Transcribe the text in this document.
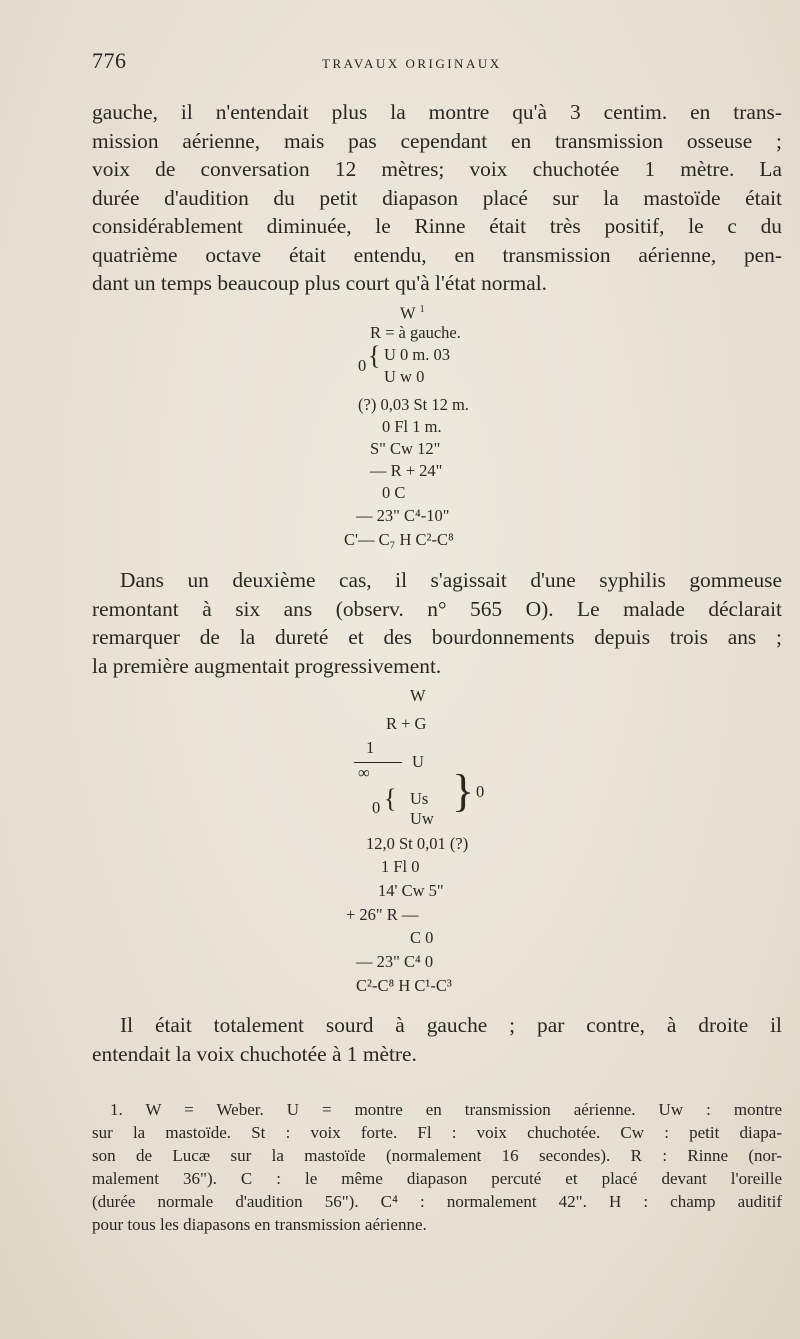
776	TRAVAUX ORIGINAUX
gauche, il n'entendait plus la montre qu'à 3 centim. en trans-
mission aérienne, mais pas cependant en transmission osseuse ;
voix de conversation 12 mètres; voix chuchotée 1 mètre. La
durée d'audition du petit diapason placé sur la mastoïde était
considérablement diminuée, le Rinne était très positif, le c du
quatrième octave était entendu, en transmission aérienne, pen-
dant un temps beaucoup plus court qu'à l'état normal.
W $^1$
R = à gauche.
0 { U 0 m. 03
U w 0
(?) 0,03 St 12 m.
0 Fl 1 m.
S" Cw 12"
— R + 24"
0 C
— 23" C⁴-10"
C'— C₇ H C²-C⁸
Dans un deuxième cas, il s'agissait d'une syphilis gommeuse
remontant à six ans (observ. n° 565 O). Le malade déclarait
remarquer de la dureté et des bourdonnements depuis trois ans ;
la première augmentait progressivement.
W
R + G
1
∞
U
0 { Us
Uw
} 0
12,0 St 0,01 (?)
1 Fl 0
14' Cw 5"
+ 26" R —
C 0
— 23" C⁴ 0
C²-C⁸ H C¹-C³
Il était totalement sourd à gauche ; par contre, à droite il
entendait la voix chuchotée à 1 mètre.
1. W = Weber. U = montre en transmission aérienne. Uw : montre
sur la mastoïde. St : voix forte. Fl : voix chuchotée. Cw : petit diapa-
son de Lucæ sur la mastoïde (normalement 16 secondes). R : Rinne (nor-
malement 36"). C : le même diapason percuté et placé devant l'oreille
(durée normale d'audition 56"). C⁴ : normalement 42". H : champ auditif
pour tous les diapasons en transmission aérienne.
